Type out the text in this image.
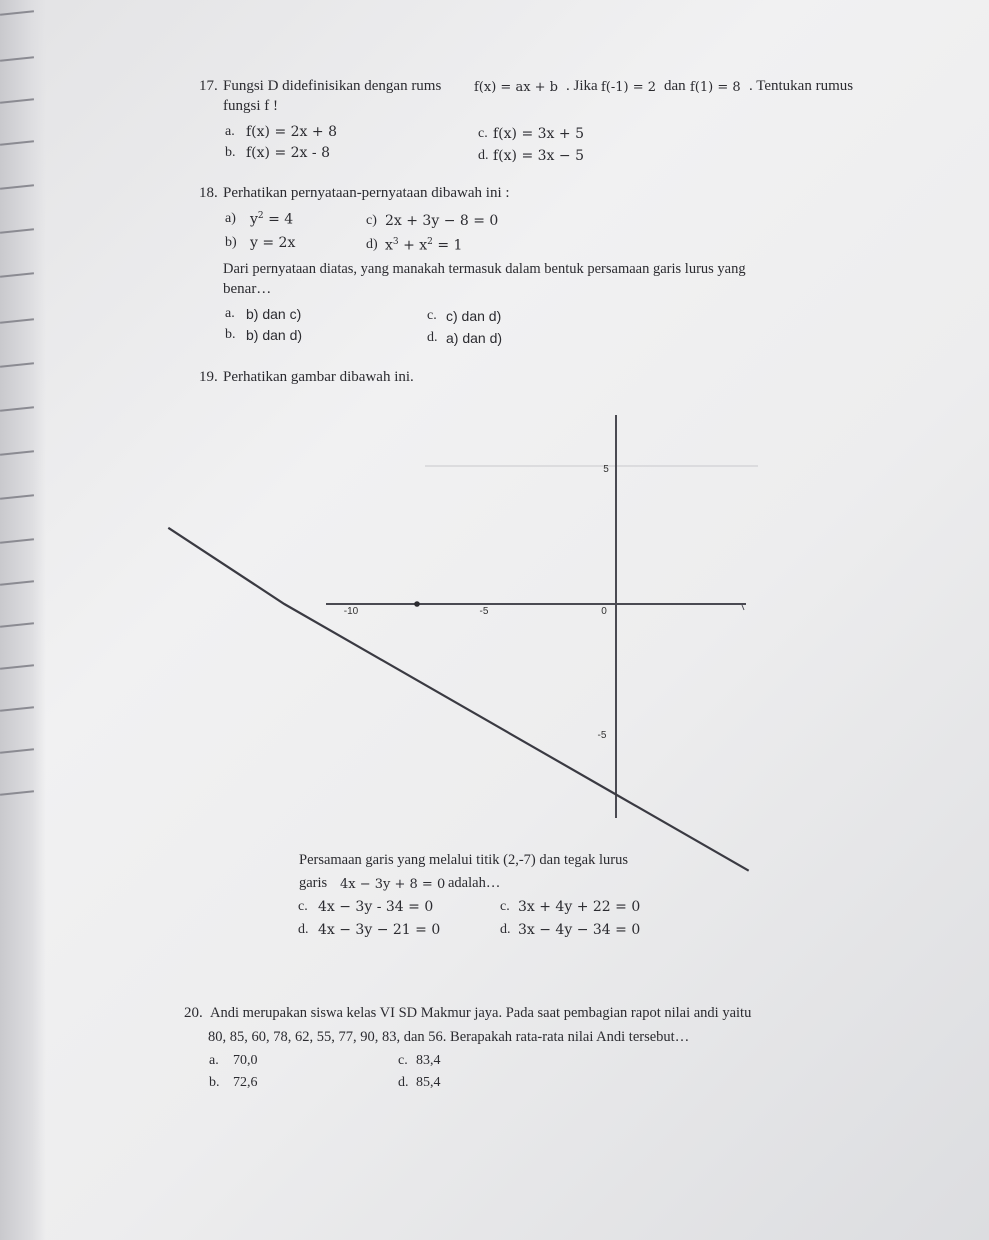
17. Fungsi D didefinisikan dengan rums	f(x) = ax + b . Jika f(-1) = 2 dan f(1) = 8 . Tentukan rumus
fungsi f !
a. f(x) = 2x + 8
b. f(x) = 2x - 8
c. f(x) = 3x + 5
d. f(x) = 3x − 5
18. Perhatikan pernyataan-pernyataan dibawah ini :
a) $y^2 = 4$
b) y = 2x
c) 2x + 3y − 8 = 0
d) $x^3 + x^2 = 1$
Dari pernyataan diatas, yang manakah termasuk dalam bentuk persamaan garis lurus yang
benar…
a. b) dan c)
b. b) dan d)
c. c) dan d)
d. a) dan d)
19. Perhatikan gambar dibawah ini.
-10	-5	0
5
-5
Persamaan garis yang melalui titik (2,-7) dan tegak lurus
garis 4x − 3y + 8 = 0 adalah…
c. 4x − 3y - 34 = 0	c. 3x + 4y + 22 = 0
d. 4x − 3y − 21 = 0	d. 3x − 4y − 34 = 0
20. Andi merupakan siswa kelas VI SD Makmur jaya. Pada saat pembagian rapot nilai andi yaitu
80, 85, 60, 78, 62, 55, 77, 90, 83, dan 56. Berapakah rata-rata nilai Andi tersebut…
a. 70,0
b. 72,6
c. 83,4
d. 85,4
